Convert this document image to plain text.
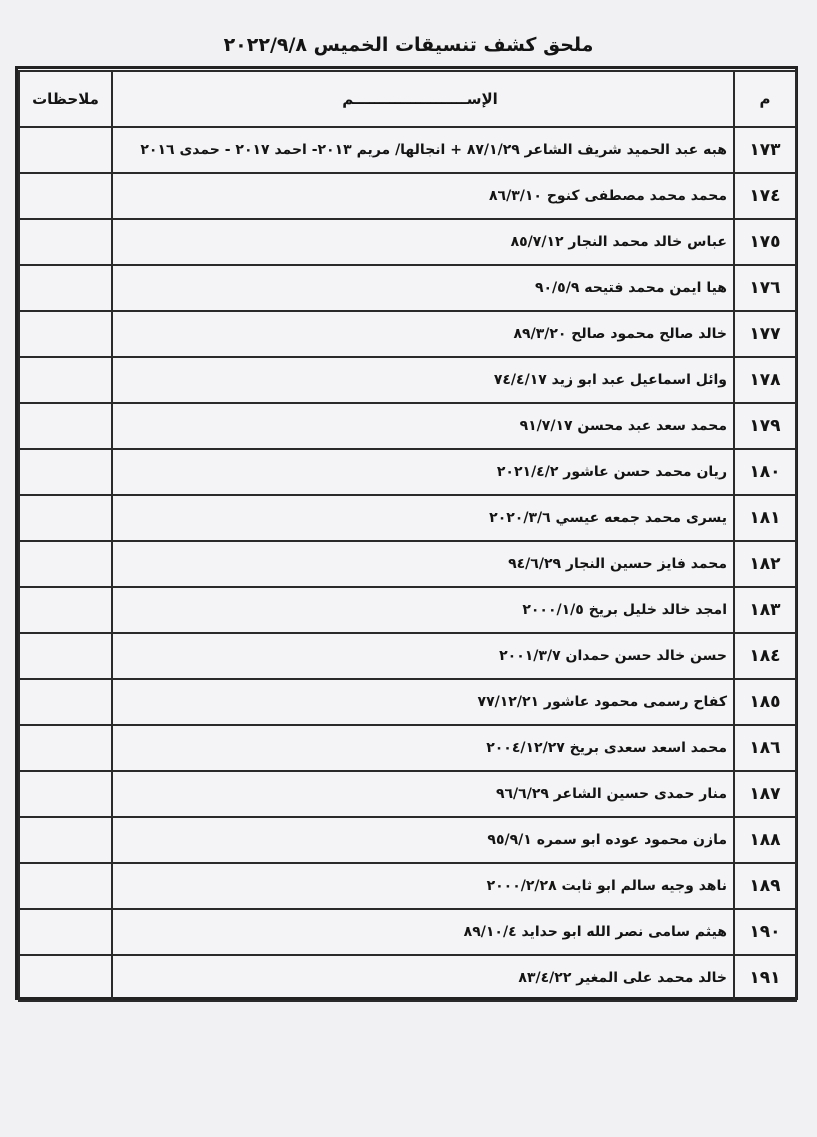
ملحق كشف تنسيقات الخميس ٢٠٢٢/٩/٨
م	الإســــــــــــــــــــــم	ملاحظات
١٧٣	هبه عبد الحميد شريف الشاعر ٨٧/١/٢٩ + انجالها/ مريم ٢٠١٣- احمد ٢٠١٧ - حمدى ٢٠١٦	
١٧٤	محمد محمد مصطفى كنوح ٨٦/٣/١٠	
١٧٥	عباس خالد محمد النجار ٨٥/٧/١٢	
١٧٦	هيا ايمن محمد فتيحه ٩٠/٥/٩	
١٧٧	خالد صالح محمود صالح ٨٩/٣/٢٠	
١٧٨	وائل اسماعيل عبد ابو زيد ٧٤/٤/١٧	
١٧٩	محمد سعد عبد محسن ٩١/٧/١٧	
١٨٠	ريان محمد حسن عاشور ٢٠٢١/٤/٢	
١٨١	يسرى محمد جمعه عيسي ٢٠٢٠/٣/٦	
١٨٢	محمد فايز حسين النجار ٩٤/٦/٢٩	
١٨٣	امجد خالد خليل بريخ ٢٠٠٠/١/٥	
١٨٤	حسن خالد حسن حمدان ٢٠٠١/٣/٧	
١٨٥	كفاح رسمى محمود عاشور ٧٧/١٢/٢١	
١٨٦	محمد اسعد سعدى بريخ ٢٠٠٤/١٢/٢٧	
١٨٧	منار حمدى حسين الشاعر ٩٦/٦/٢٩	
١٨٨	مازن محمود عوده ابو سمره ٩٥/٩/١	
١٨٩	ناهد وجيه سالم ابو ثابت ٢٠٠٠/٢/٢٨	
١٩٠	هيثم سامى نصر الله ابو حدايد ٨٩/١٠/٤	
١٩١	خالد محمد على المغير ٨٣/٤/٢٢	
